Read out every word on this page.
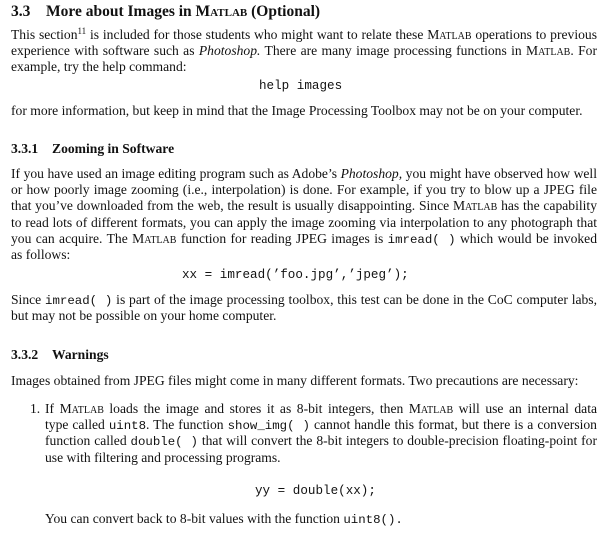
3.3 More about Images in Matlab (Optional)
This section$^{11}$ is included for those students who might want to relate these Matlab operations to previous
experience with software such as Photoshop. There are many image processing functions in Matlab. For
example, try the help command:
help images
for more information, but keep in mind that the Image Processing Toolbox may not be on your computer.
3.3.1 Zooming in Software
If you have used an image editing program such as Adobe’s Photoshop, you might have observed how well
or how poorly image zooming (i.e., interpolation) is done. For example, if you try to blow up a JPEG file
that you’ve downloaded from the web, the result is usually disappointing. Since Matlab has the capability
to read lots of different formats, you can apply the image zooming via interpolation to any photograph that
you can acquire. The Matlab function for reading JPEG images is imread( ) which would be invoked
as follows:
xx = imread(’foo.jpg’,’jpeg’);
Since imread( ) is part of the image processing toolbox, this test can be done in the CoC computer labs,
but may not be possible on your home computer.
3.3.2 Warnings
Images obtained from JPEG files might come in many different formats. Two precautions are necessary:
1. If Matlab loads the image and stores it as 8-bit integers, then Matlab will use an internal data
type called uint8. The function show_img( ) cannot handle this format, but there is a conversion
function called double( ) that will convert the 8-bit integers to double-precision floating-point for
use with filtering and processing programs.
yy = double(xx);
You can convert back to 8-bit values with the function uint8().
